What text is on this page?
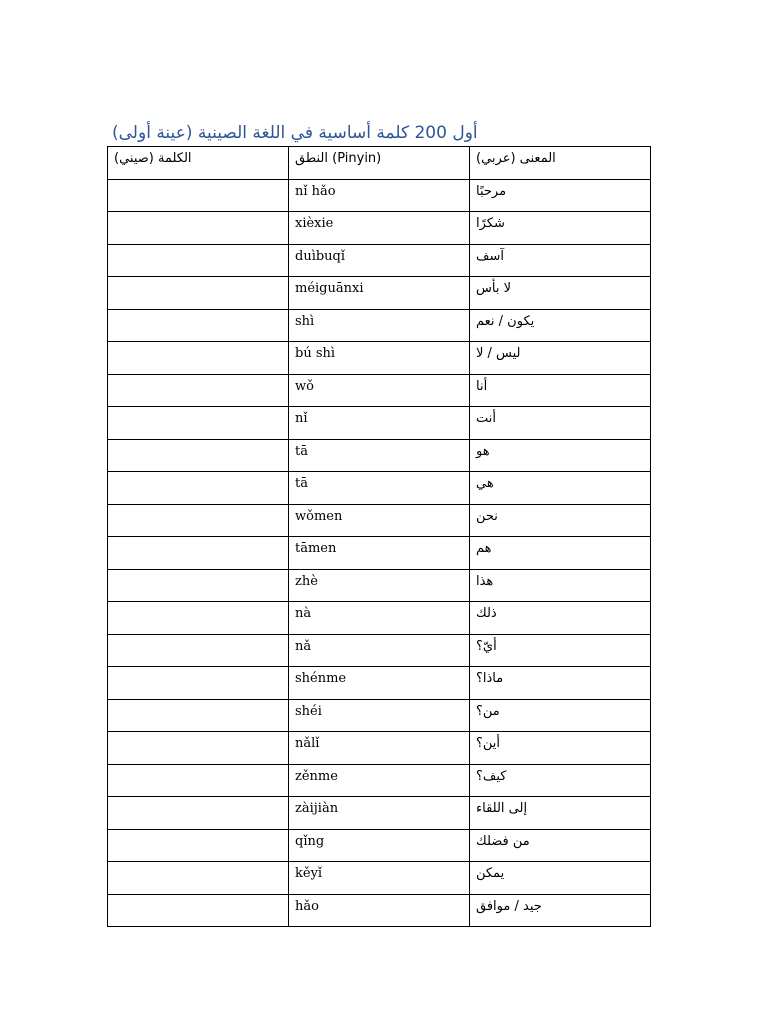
أول 200 كلمة أساسية في اللغة الصينية (عينة أولى)
الكلمة (صيني)	النطق (Pinyin)	المعنى (عربي)
	nǐ hǎo	مرحبًا
	xièxie	شكرًا
	duìbuqǐ	آسف
	méiguānxi	لا بأس
	shì	يكون / نعم
	bú shì	ليس / لا
	wǒ	أنا
	nǐ	أنت
	tā	هو
	tā	هي
	wǒmen	نحن
	tāmen	هم
	zhè	هذا
	nà	ذلك
	nǎ	أيّ؟
	shénme	ماذا؟
	shéi	من؟
	nǎlǐ	أين؟
	zěnme	كيف؟
	zàijiàn	إلى اللقاء
	qǐng	من فضلك
	kěyǐ	يمكن
	hǎo	جيد / موافق
